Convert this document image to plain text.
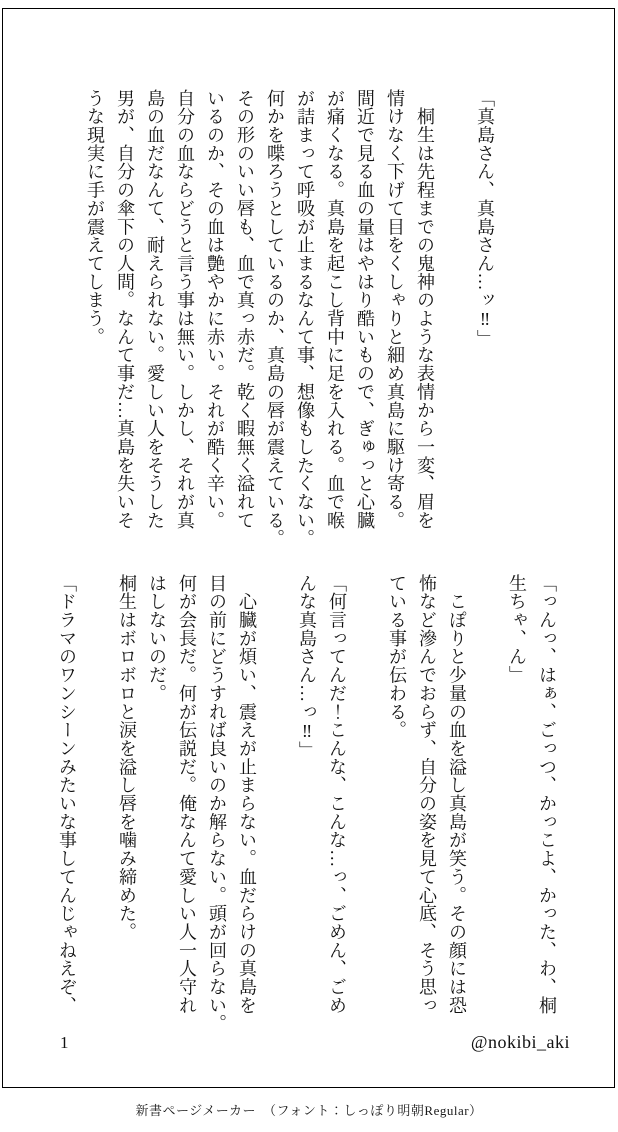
「真島さん、真島さん…ッ‼」
　桐生は先程までの鬼神のような表情から一変、眉を
情けなく下げて目をくしゃりと細め真島に駆け寄る。
間近で見る血の量はやはり酷いもので、ぎゅっと心臓
が痛くなる。真島を起こし背中に足を入れる。血で喉
が詰まって呼吸が止まるなんて事、想像もしたくない。
何かを喋ろうとしているのか、真島の唇が震えている。
その形のいい唇も、血で真っ赤だ。乾く暇無く溢れて
いるのか、その血は艶やかに赤い。それが酷く辛い。
自分の血ならどうと言う事は無い。しかし、それが真
島の血だなんて、耐えられない。愛しい人をそうした
男が、自分の傘下の人間。なんて事だ…真島を失いそ
うな現実に手が震えてしまう。
「っんっ、はぁ、ごっつ、かっこよ、かった、わ、桐
生ちゃ、ん」
　こぽりと少量の血を溢し真島が笑う。その顔には恐
怖など滲んでおらず、自分の姿を見て心底、そう思っ
ている事が伝わる。
「何言ってんだ！こんな、こんな…っ、ごめん、ごめ
んな真島さん…っ‼」
　心臓が煩い、震えが止まらない。血だらけの真島を
目の前にどうすれば良いのか解らない。頭が回らない。
何が会長だ。何が伝説だ。俺なんて愛しい人一人守れ
はしないのだ。
桐生はボロボロと涙を溢し唇を噛み締めた。
「ドラマのワンシーンみたいな事してんじゃねえぞ、
1	@nokibi_aki
新書ページメーカー　（フォント：しっぽり明朝Regular）
